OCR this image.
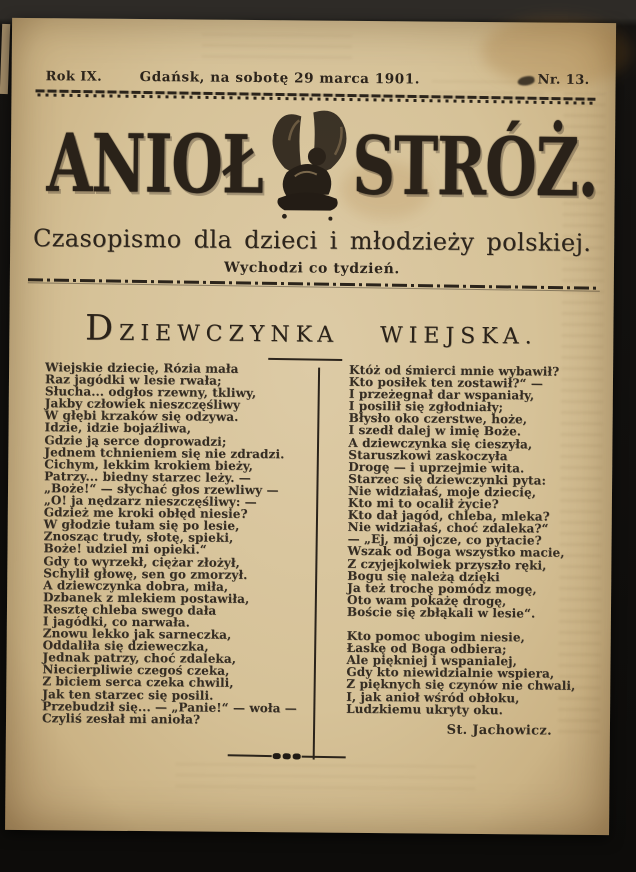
Rok IX.	Gdańsk, na sobotę 29 marca 1901.	Nr. 13.
ANIOŁ STRÓŻ.
Czasopismo dla dzieci i młodzieży polskiej.
Wychodzi co tydzień.
DZIEWCZYNKA WIEJSKA.
Wiejskie dziecię, Rózia mała
Raz jagódki w lesie rwała;
Słucha... odgłos rzewny, tkliwy,
Jakby człowiek nieszczęśliwy
W głębi krzaków się odzywa.
Idzie, idzie bojaźliwa,
Gdzie ją serce doprowadzi;
Jednem tchnieniem się nie zdradzi.
Cichym, lekkim krokiem bieży,
Patrzy... biedny starzec leży. —
„Boże!“ — słychać głos rzewliwy —
„O! ja nędzarz nieszczęśliwy: —
Gdzież me kroki obłęd niesie?
W głodzie tułam się po lesie,
Znosząc trudy, słotę, spieki,
Boże! udziel mi opieki.“
Gdy to wyrzekł, ciężar złożył,
Schylił głowę, sen go zmorzył.
A dziewczynka dobra, miła,
Dzbanek z mlekiem postawiła,
Resztę chleba swego dała
I jagódki, co narwała.
Znowu lekko jak sarneczka,
Oddaliła się dzieweczka,
Jednak patrzy, choć zdaleka,
Niecierpliwie czegoś czeka,
Z biciem serca czeka chwili,
Jak ten starzec się posili.
Przebudził się... — „Panie!“ — woła —
Czyliś zesłał mi anioła?
Któż od śmierci mnie wybawił?
Kto posiłek ten zostawił?“ —
I przeżegnał dar wspaniały,
I posilił się zgłodniały;
Błysło oko czerstwe, hoże,
I szedł dalej w imię Boże.
A dziewczynka się cieszyła,
Staruszkowi zaskoczyła
Drogę — i uprzejmie wita.
Starzec się dziewczynki pyta:
Nie widziałaś, moje dziecię,
Kto mi to ocalił życie?
Kto dał jagód, chleba, mleka?
Nie widziałaś, choć zdaleka?“
— „Ej, mój ojcze, co pytacie?
Wszak od Boga wszystko macie,
Z czyjejkolwiek przyszło ręki,
Bogu się należą dzięki
Ja też trochę pomódz mogę,
Oto wam pokażę drogę,
Boście się zbłąkali w lesie“.

Kto pomoc ubogim niesie,
Łaskę od Boga odbiera;
Ale piękniej i wspanialej,
Gdy kto niewidzialnie wspiera,
Z pięknych się czynów nie chwali,
I, jak anioł wśród obłoku,
Ludzkiemu ukryty oku.
St. Jachowicz.
